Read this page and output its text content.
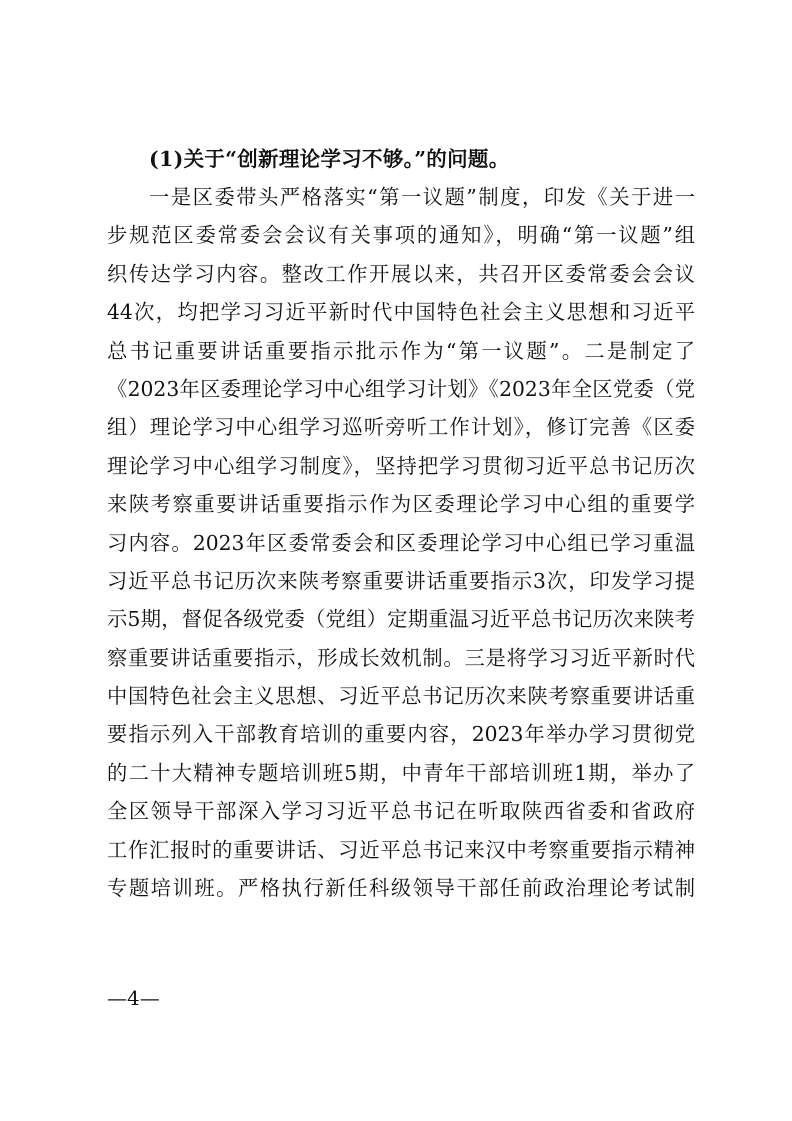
(1)关于“创新理论学习不够。”的问题。
一是区委带头严格落实“第一议题”制度，印发《关于进一
步规范区委常委会会议有关事项的通知》，明确“第一议题”组
织传达学习内容。整改工作开展以来，共召开区委常委会会议
44次，均把学习习近平新时代中国特色社会主义思想和习近平
总书记重要讲话重要指示批示作为“第一议题”。二是制定了
《2023年区委理论学习中心组学习计划》《2023年全区党委（党
组）理论学习中心组学习巡听旁听工作计划》，修订完善《区委
理论学习中心组学习制度》，坚持把学习贯彻习近平总书记历次
来陕考察重要讲话重要指示作为区委理论学习中心组的重要学
习内容。2023年区委常委会和区委理论学习中心组已学习重温
习近平总书记历次来陕考察重要讲话重要指示3次，印发学习提
示5期，督促各级党委（党组）定期重温习近平总书记历次来陕考
察重要讲话重要指示，形成长效机制。三是将学习习近平新时代
中国特色社会主义思想、习近平总书记历次来陕考察重要讲话重
要指示列入干部教育培训的重要内容，2023年举办学习贯彻党
的二十大精神专题培训班5期，中青年干部培训班1期，举办了
全区领导干部深入学习习近平总书记在听取陕西省委和省政府
工作汇报时的重要讲话、习近平总书记来汉中考察重要指示精神
专题培训班。严格执行新任科级领导干部任前政治理论考试制
—4—
